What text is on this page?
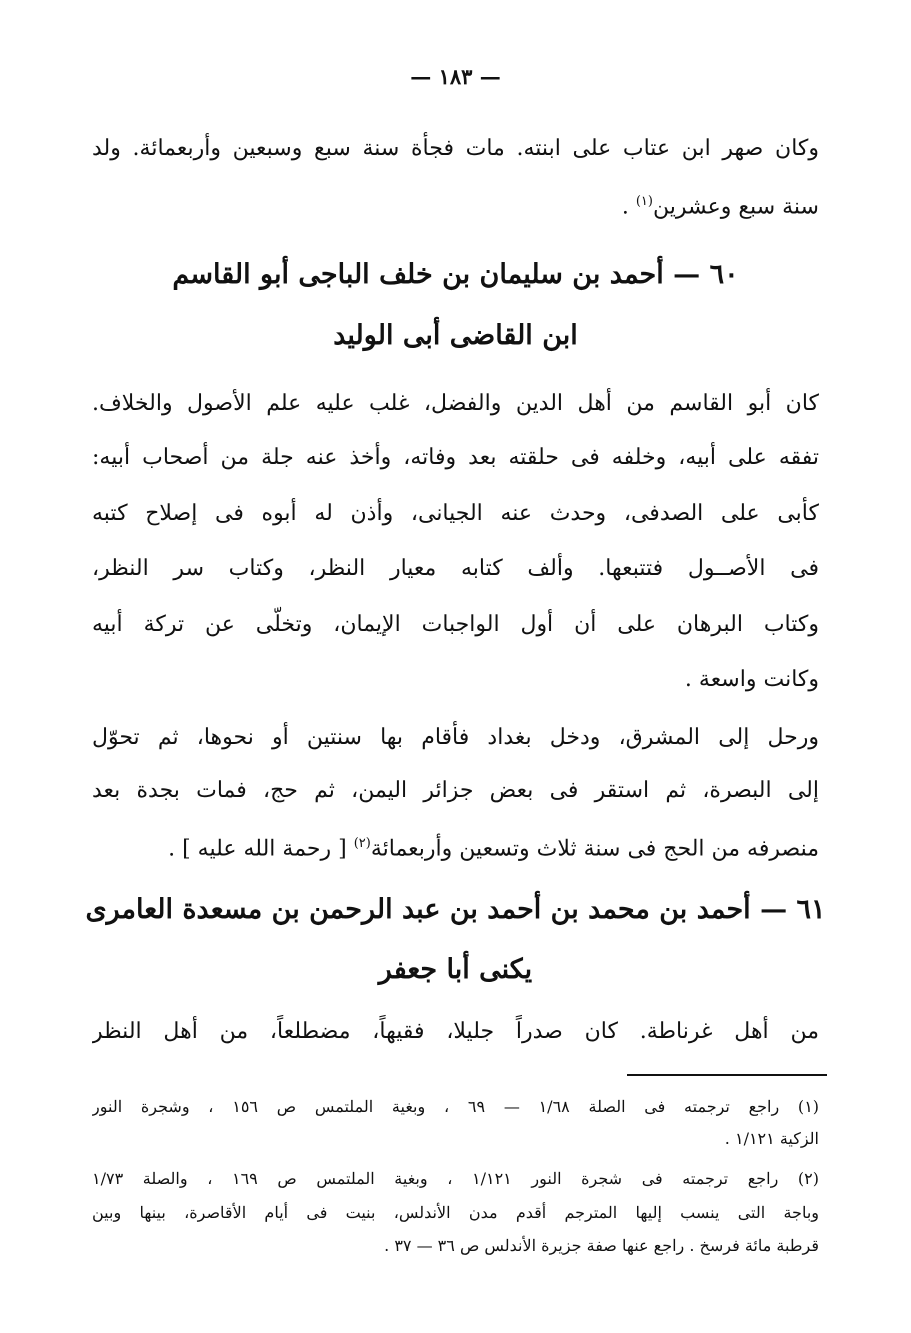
— ١٨٣ —
وكان صهر ابن عتاب على ابنته. مات فجأة سنة سبع وسبعين وأربعمائة. ولد
سنة سبع وعشرين$^{(١)}$ .
٦٠ — أحمد بن سليمان بن خلف الباجى أبو القاسم
ابن القاضى أبى الوليد
كان أبو القاسم من أهل الدين والفضل، غلب عليه علم الأصول والخلاف.
تفقه على أبيه، وخلفه فى حلقته بعد وفاته، وأخذ عنه جلة من أصحاب أبيه:
كأبى على الصدفى، وحدث عنه الجيانى، وأذن له أبوه فى إصلاح كتبه
فى الأصــول فتتبعها. وألف كتابه معيار النظر، وكتاب سر النظر،
وكتاب البرهان على أن أول الواجبات الإيمان، وتخلّى عن تركة أبيه
وكانت واسعة .
ورحل إلى المشرق، ودخل بغداد فأقام بها سنتين أو نحوها، ثم تحوّل
إلى البصرة، ثم استقر فى بعض جزائر اليمن، ثم حج، فمات بجدة بعد
منصرفه من الحج فى سنة ثلاث وتسعين وأربعمائة$^{(٢)}$ [ رحمة الله عليه ] .
٦١ — أحمد بن محمد بن أحمد بن عبد الرحمن بن مسعدة العامرى
يكنى أبا جعفر
من أهل غرناطة. كان صدراً جليلا، فقيهاً، مضطلعاً، من أهل النظر
(١) راجع ترجمته فى الصلة ١/٦٨ — ٦٩ ، وبغية الملتمس ص ١٥٦ ، وشجرة النور
الزكية ١/١٢١ .
(٢) راجع ترجمته فى شجرة النور ١/١٢١ ، وبغية الملتمس ص ١٦٩ ، والصلة ١/٧٣
وباجة التى ينسب إليها المترجم أقدم مدن الأندلس، بنيت فى أيام الأقاصرة، بينها وبين
قرطبة مائة فرسخ . راجع عنها صفة جزيرة الأندلس ص ٣٦ — ٣٧ .
